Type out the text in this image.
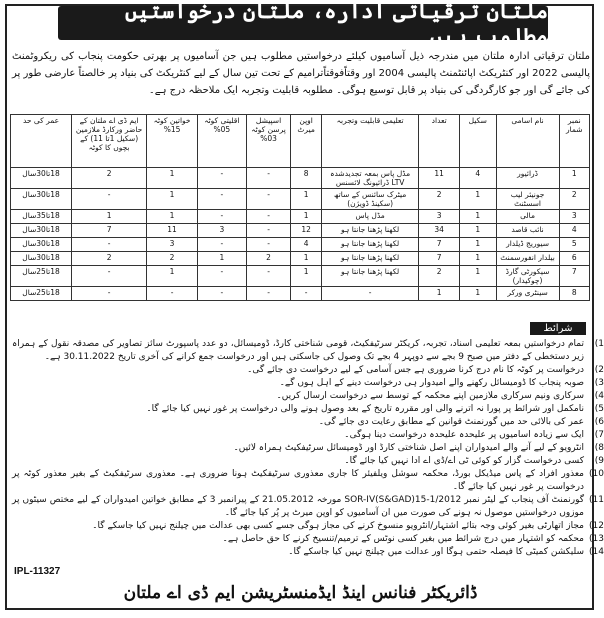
ملتان ترقیاتی ادارہ، ملتان درخواستیں مطلوب ہیں
ملتان ترقیاتی ادارہ ملتان میں مندرجہ ذیل آسامیوں کیلئے درخواستیں مطلوب ہیں جن آسامیوں پر بھرتی حکومت پنجاب کی ریکروٹمنٹ پالیسی 2022 اور کنٹریکٹ اپائنٹمنٹ پالیسی 2004 اور وقتاًفوقتاًترامیم کے تحت تین سال کے لیے کنٹریکٹ کی بنیاد پر خالصتاً عارضی طور پر کی جائے گی اور جو کارگردگی کی بنیاد پر قابل توسیع ہوگی۔ مطلوبہ قابلیت وتجربہ ایک ملاحظہ درج ہے۔
نمبر شمار	نام اسامی	سکیل	تعداد	تعلیمی قابلیت وتجربہ	اوپن میرٹ	اسپیشل پرسن کوٹہ 03%	اقلیتی کوٹہ 05%	خواتین کوٹہ 15%	ایم ڈی اے ملتان کے حاضر ورکارڈ ملازمین (سکیل 1تا 11) کے بچوں کا کوٹہ	عمر کی حد
1	ڈرائیور	4	11	مڈل پاس بمعہ تجدیدشدہ LTV ڈرائیونگ لائسنس	8	-	-	1	2	18تا30سال
2	جونیئر لیب اسسٹنٹ	1	2	میٹرک سائنس کے ساتھ (سکینڈ ڈویژن)	1	-	-	1	-	18تا30سال
3	مالی	1	3	مڈل پاس	1	-	-	1	1	18تا35سال
4	نائب قاصد	1	34	لکھنا پڑھنا جانتا ہو	12	-	3	11	7	18تا30سال
5	سیوریج ڈیلدار	1	7	لکھنا پڑھنا جانتا ہو	4	-	-	3	-	18تا30سال
6	بیلدار انفورسمنٹ	1	7	لکھنا پڑھنا جانتا ہو	1	2	1	2	2	18تا30سال
7	سیکورٹی گارڈ (چوکیدار)	1	2	لکھنا پڑھنا جانتا ہو	1	-	-	1	-	18تا25سال
8	سینٹری ورکر	1	1	-	-	-	-	-	-	18تا25سال
شرائط
1)
تمام درخواستیں بمعہ تعلیمی اسناد، تجربہ، کریکٹر سرٹیفکیٹ، قومی شناختی کارڈ، ڈومیسائل، دو عدد پاسپورٹ سائز تصاویر کی مصدقہ نقول کے ہمراہ زیر دستخطی کے دفتر میں صبح 9 بجے سے دوپہر 4 بجے تک وصول کی جاسکتی ہیں اور درخواست جمع کرانے کی آخری تاریخ 30.11.2022 ہے۔
2)
درخواست پر کوٹہ کا نام درج کرنا ضروری ہے جس آسامی کے لیے درخواست دی جائے گی۔
3)
صوبہ پنجاب کا ڈومیسائل رکھنے والے امیدوار ہی درخواست دینے کے اہل ہوں گے۔
4)
سرکاری ونیم سرکاری ملازمین اپنے محکمہ کے توسط سے درخواست ارسال کریں۔
5)
نامکمل اور شرائط پر پورا نہ اترنے والی اور مقررہ تاریخ کے بعد وصول ہونے والی درخواست پر غور نہیں کیا جائے گا۔
6)
عمر کی بالائی حد میں گورنمنٹ قوانین کے مطابق رعایت دی جائے گی۔
7)
ایک سے زیادہ اسامیوں پر علیحدہ علیحدہ درخواست دینا ہوگی۔
8)
انٹرویو کے لیے آنے والے امیدواران اپنے اصل شناختی کارڈ اور ڈومیسائل سرٹیفکیٹ ہمراہ لائیں۔
9)
کسی درخواست گزار کو کوئی ٹی اے/ڈی اے ادا نہیں کیا جائے گا۔
10)
معذور افراد کے پاس میڈیکل بورڈ، محکمہ سوشل ویلفیئر کا جاری معذوری سرٹیفکیٹ ہونا ضروری ہے۔ معذوری سرٹیفکیٹ کے بغیر معذور کوٹہ پر درخواست پر غور نہیں کیا جائے گا۔
11)
گورنمنٹ آف پنجاب کے لیٹر نمبر SOR-IV(S&GAD)15-1/2012 مورخہ 21.05.2012 کے پیرانمبر 3 کے مطابق خواتین امیدواران کے لیے مختص سیٹوں پر موزوں درخواستیں موصول نہ ہونے کی صورت میں ان آسامیوں کو اوپن میرٹ پر پُر کیا جائے گا۔
12)
مجاز اتھارٹی بغیر کوئی وجہ بتائے اشتہار/انٹرویو منسوخ کرنے کی مجاز ہوگی جسے کسی بھی عدالت میں چیلنج نہیں کیا جاسکے گا۔
13)
محکمہ کو اشتہار میں درج شرائط میں بغیر کسی نوٹس کے ترمیم/تنسیخ کرنے کا حق حاصل ہے۔
14)
سلیکشن کمیٹی کا فیصلہ حتمی ہوگا اور عدالت میں چیلنج نہیں کیا جاسکے گا۔
IPL-11327
ڈائریکٹر فنانس اینڈ ایڈمنسٹریشن ایم ڈی اے ملتان
